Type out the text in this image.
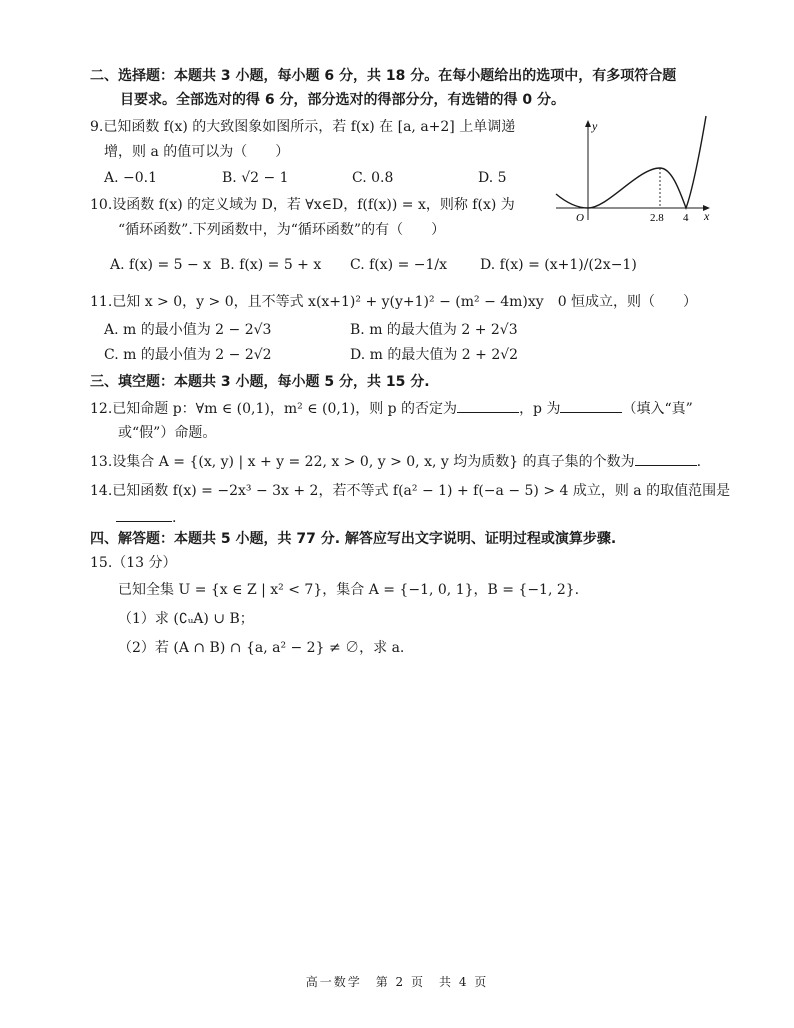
二、选择题：本题共 3 小题，每小题 6 分，共 18 分。在每小题给出的选项中，有多项符合题
目要求。全部选对的得 6 分，部分选对的得部分分，有选错的得 0 分。
9.已知函数 f(x) 的大致图象如图所示，若 f(x) 在 [a, a+2] 上单调递
增，则 a 的值可以为（　　）
A. −0.1	B. √2 − 1	C. 0.8	D. 5
y
x
O	2.8 4
10.设函数 f(x) 的定义域为 D，若 ∀x∈D，f(f(x)) = x，则称 f(x) 为
“循环函数”.下列函数中，为“循环函数”的有（　　）
A. f(x) = 5 − x B. f(x) = 5 + x	C. f(x) = −1/x	D. f(x) = (x+1)/(2x−1)
11.已知 x > 0，y > 0，且不等式 x(x+1)² + y(y+1)² − (m² − 4m)xy　0 恒成立，则（　　）
A. m 的最小值为 2 − 2√3	B. m 的最大值为 2 + 2√3
C. m 的最小值为 2 − 2√2	D. m 的最大值为 2 + 2√2
三、填空题：本题共 3 小题，每小题 5 分，共 15 分.
12.已知命题 p：∀m ∈ (0,1)，m² ∈ (0,1)，则 p 的否定为	，p 为	（填入“真”
或“假”）命题。
13.设集合 A = {(x, y) | x + y = 22, x > 0, y > 0, x, y 均为质数} 的真子集的个数为	.
14.已知函数 f(x) = −2x³ − 3x + 2，若不等式 f(a² − 1) + f(−a − 5) > 4 成立，则 a 的取值范围是
.
四、解答题：本题共 5 小题，共 77 分. 解答应写出文字说明、证明过程或演算步骤.
15.（13 分）
已知全集 U = {x ∈ Z | x² < 7}，集合 A = {−1, 0, 1}，B = {−1, 2}.
（1）求 (∁ᵤA) ∪ B；
（2）若 (A ∩ B) ∩ {a, a² − 2} ≠ ∅，求 a.
高一数学　第 2 页　共 4 页
